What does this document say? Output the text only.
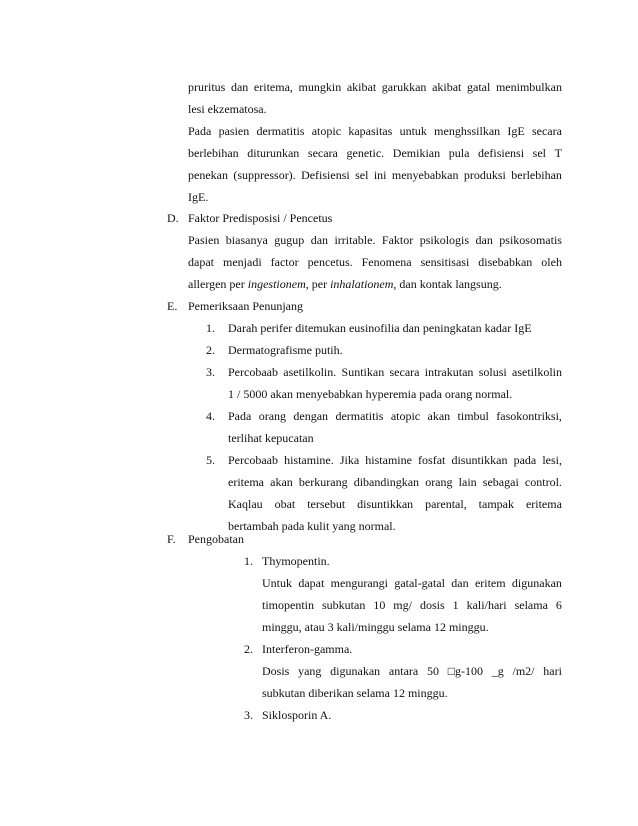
pruritus dan eritema, mungkin akibat garukkan akibat gatal menimbulkan
lesi ekzematosa.
Pada pasien dermatitis atopic kapasitas untuk menghssilkan IgE secara
berlebihan diturunkan secara genetic. Demikian pula defisiensi sel T
penekan (suppressor). Defisiensi sel ini menyebabkan produksi berlebihan
IgE.
D. Faktor Predisposisi / Pencetus
Pasien biasanya gugup dan irritable. Faktor psikologis dan psikosomatis
dapat menjadi factor pencetus. Fenomena sensitisasi disebabkan oleh
allergen per ingestionem, per inhalationem, dan kontak langsung.
E. Pemeriksaan Penunjang
1. Darah perifer ditemukan eusinofilia dan peningkatan kadar IgE
2. Dermatografisme putih.
3. Percobaab asetilkolin. Suntikan secara intrakutan solusi asetilkolin
1 / 5000 akan menyebabkan hyperemia pada orang normal.
4. Pada orang dengan dermatitis atopic akan timbul fasokontriksi,
terlihat kepucatan
5. Percobaab histamine. Jika histamine fosfat disuntikkan pada lesi,
eritema akan berkurang dibandingkan orang lain sebagai control.
Kaqlau obat tersebut disuntikkan parental, tampak eritema
bertambah pada kulit yang normal.
F. Pengobatan
1. Thymopentin.
Untuk dapat mengurangi gatal-gatal dan eritem digunakan
timopentin subkutan 10 mg/ dosis 1 kali/hari selama 6
minggu, atau 3 kali/minggu selama 12 minggu.
2. Interferon-gamma.
Dosis yang digunakan antara 50 □g-100 _g /m2/ hari
subkutan diberikan selama 12 minggu.
3. Siklosporin A.
